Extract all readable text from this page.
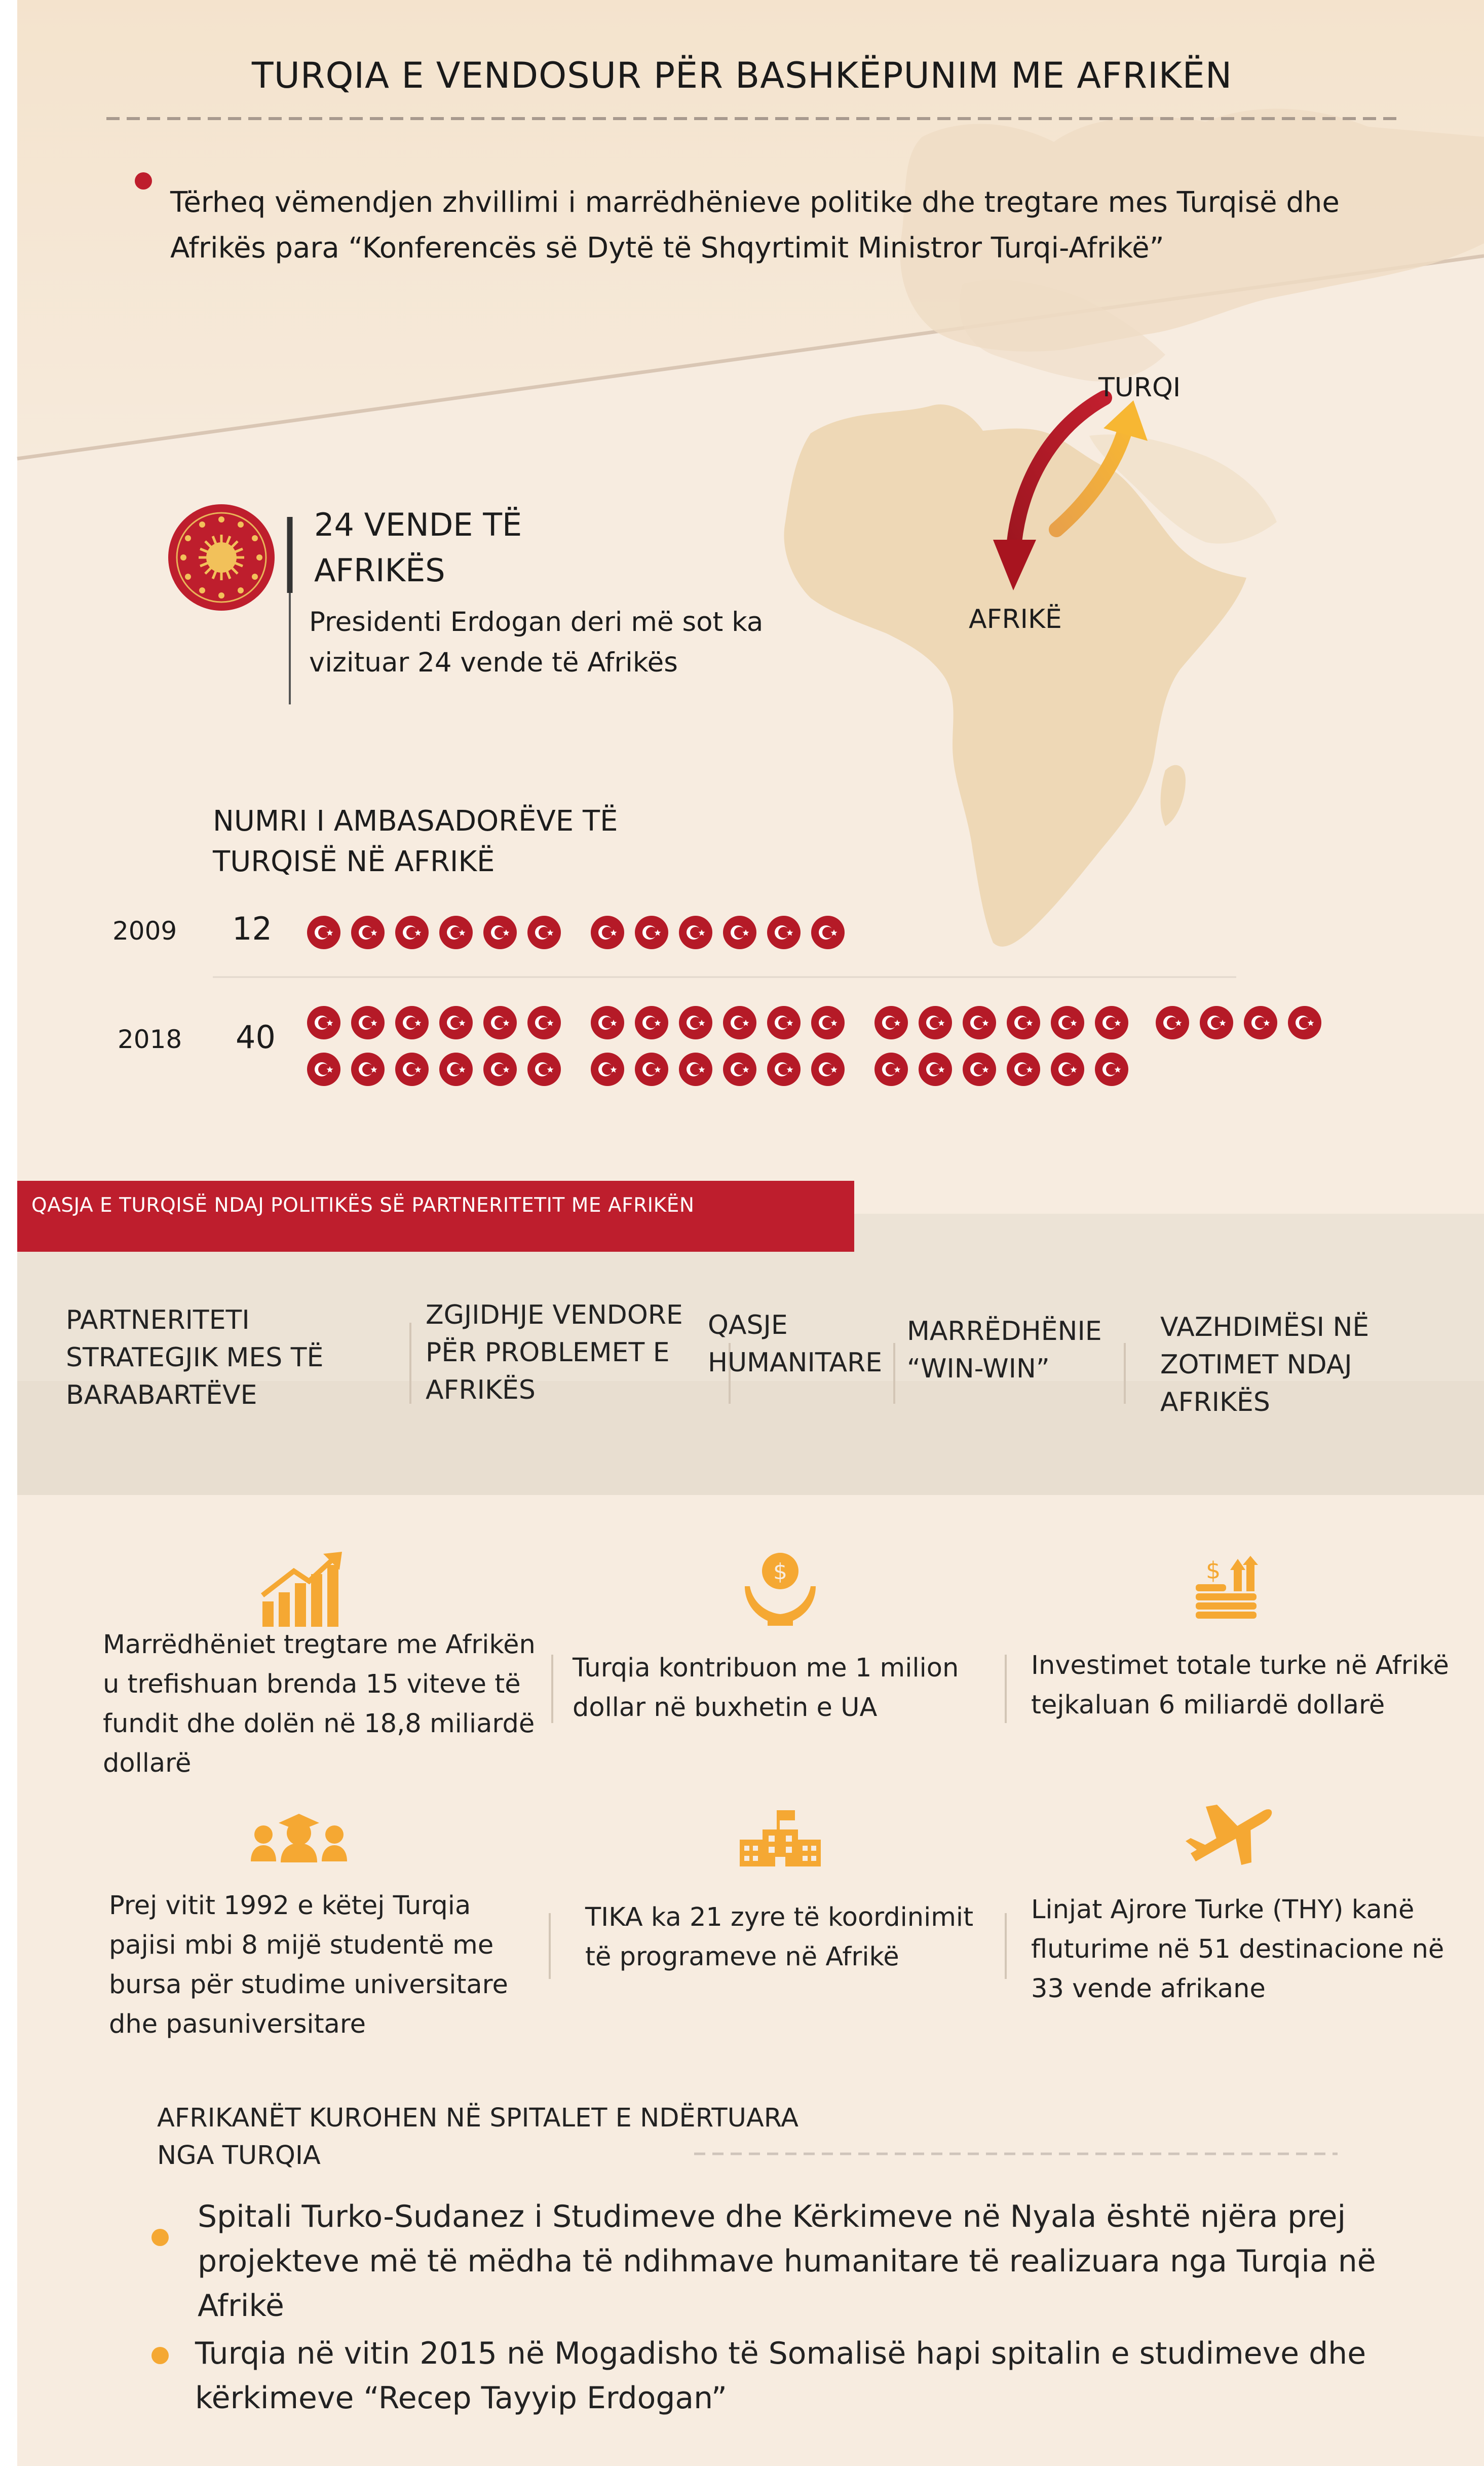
TURQIA E VENDOSUR PËR BASHKËPUNIM ME AFRIKËN

Tërheq vëmendjen zhvillimi i marrëdhënieve politike dhe tregtare mes Turqisë dhe Afrikës para “Konferencës së Dytë të Shqyrtimit Ministror Turqi-Afrikë”

TURQI
AFRIKË
24 VENDE TË
AFRIKËS
Presidenti Erdogan deri më sot ka vizituar 24 vende të Afrikës
NUMRI I AMBASADORËVE TË
TURQISË NË AFRIKË
2009 12
2018 40
QASJA E TURQISË NDAJ POLITIKËS SË PARTNERITETIT ME AFRIKËN
PARTNERITETI STRATEGJIK MES TË BARABARTËVE
ZGJIDHJE VENDORE PËR PROBLEMET E AFRIKËS
QASJE HUMANITARE
MARRËDHËNIE “WIN-WIN”
VAZHDIMËSI NË ZOTIMET NDAJ AFRIKËS
$	$
Marrëdhëniet tregtare me Afrikën u trefishuan brenda 15 viteve të fundit dhe dolën në 18,8 miliardë dollarë
Turqia kontribuon me 1 milion dollar në buxhetin e UA
Investimet totale turke në Afrikë tejkaluan 6 miliardë dollarë
Prej vitit 1992 e këtej Turqia pajisi mbi 8 mijë studentë me bursa për studime universitare dhe pasuniversitare
TIKA ka 21 zyre të koordinimit të programeve në Afrikë
Linjat Ajrore Turke (THY) kanë fluturime në 51 destinacione në 33 vende afrikane
AFRIKANËT KUROHEN NË SPITALET E NDËRTUARA
NGA TURQIA
Spitali Turko-Sudanez i Studimeve dhe Kërkimeve në Nyala është njëra prej projekteve më të mëdha të ndihmave humanitare të realizuara nga Turqia në Afrikë
Turqia në vitin 2015 në Mogadisho të Somalisë hapi spitalin e studimeve dhe kërkimeve “Recep Tayyip Erdogan”
